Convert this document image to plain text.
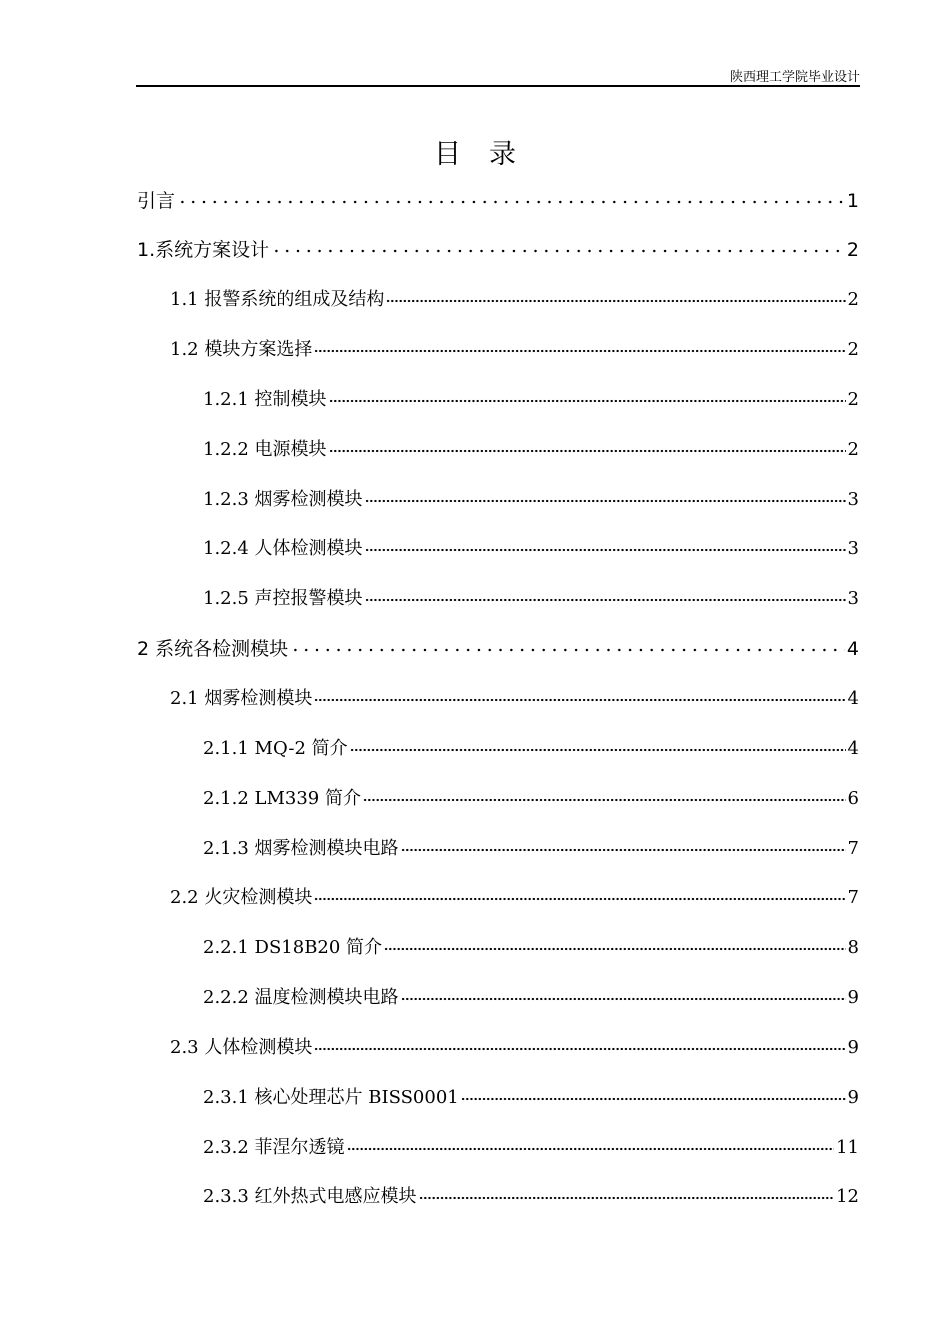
陕西理工学院毕业设计
目录
引言	1
1.系统方案设计	2
1.1 报警系统的组成及结构	2
1.2 模块方案选择	2
1.2.1 控制模块	2
1.2.2 电源模块	2
1.2.3 烟雾检测模块	3
1.2.4 人体检测模块	3
1.2.5 声控报警模块	3
2 系统各检测模块	4
2.1 烟雾检测模块	4
2.1.1 MQ-2 简介	4
2.1.2 LM339 简介	6
2.1.3 烟雾检测模块电路	7
2.2 火灾检测模块	7
2.2.1 DS18B20 简介	8
2.2.2 温度检测模块电路	9
2.3 人体检测模块	9
2.3.1 核心处理芯片 BISS0001	9
2.3.2 菲涅尔透镜	11
2.3.3 红外热式电感应模块	12
